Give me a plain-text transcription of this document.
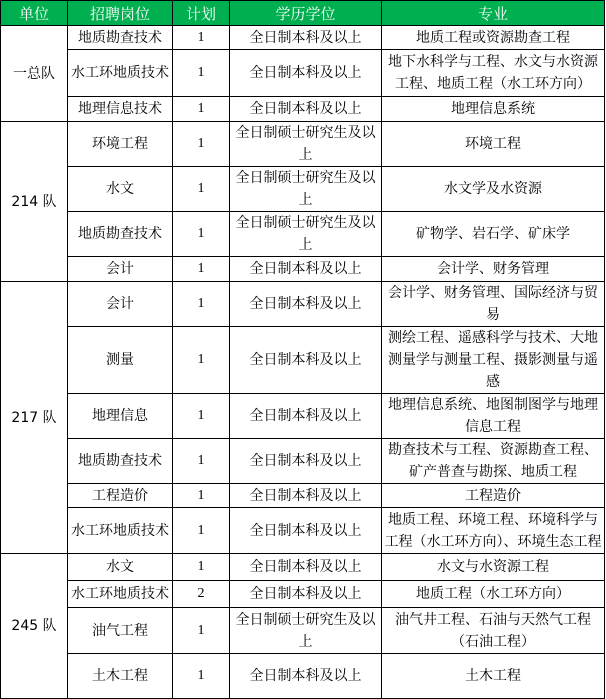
单位	招聘岗位	计划	学历学位	专业
一总队	地质勘查技术	1	全日制本科及以上	地质工程或资源勘查工程
	水工环地质技术	1	全日制本科及以上	地下水科学与工程、水文与水资源工程、地质工程（水工环方向）
	地理信息技术	1	全日制本科及以上	地理信息系统
214 队	环境工程	1	全日制硕士研究生及以上	环境工程
	水文	1	全日制硕士研究生及以上	水文学及水资源
	地质勘查技术	1	全日制硕士研究生及以上	矿物学、岩石学、矿床学
	会计	1	全日制本科及以上	会计学、财务管理
217 队	会计	1	全日制本科及以上	会计学、财务管理、国际经济与贸易
	测量	1	全日制本科及以上	测绘工程、遥感科学与技术、大地测量学与测量工程、摄影测量与遥感
	地理信息	1	全日制本科及以上	地理信息系统、地图制图学与地理信息工程
	地质勘查技术	1	全日制本科及以上	勘查技术与工程、资源勘查工程、矿产普查与勘探、地质工程
	工程造价	1	全日制本科及以上	工程造价
	水工环地质技术	1	全日制本科及以上	地质工程、环境工程、环境科学与工程（水工环方向）、环境生态工程
245 队	水文	1	全日制本科及以上	水文与水资源工程
	水工环地质技术	2	全日制本科及以上	地质工程（水工环方向）
	油气工程	1	全日制硕士研究生及以上	油气井工程、石油与天然气工程（石油工程）
	土木工程	1	全日制本科及以上	土木工程
